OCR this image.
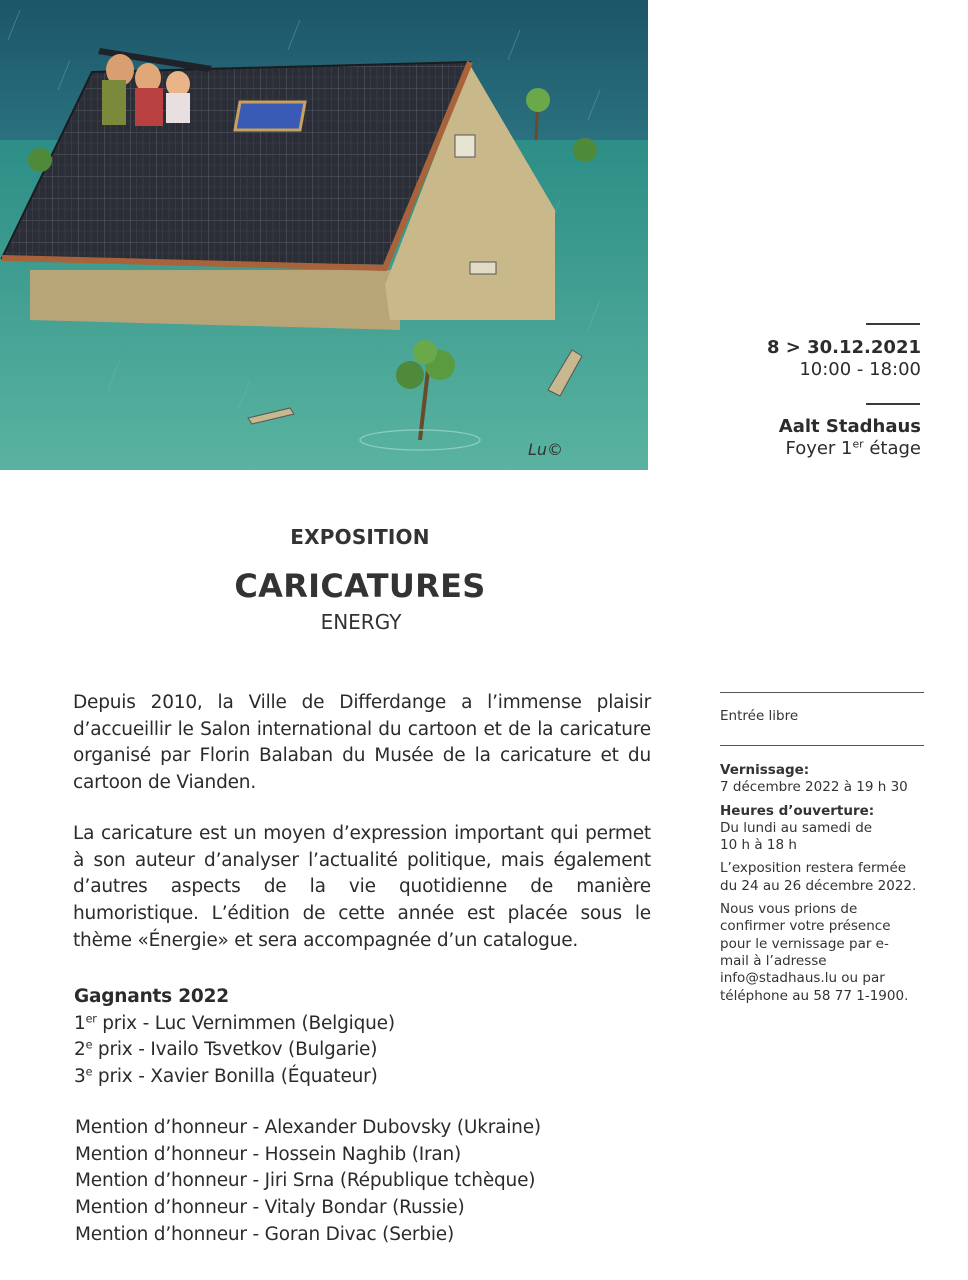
Lu©
8 > 30.12.2021
10:00 - 18:00
Aalt Stadhaus
Foyer 1er étage
EXPOSITION
CARICATURES
ENERGY
Depuis 2010, la Ville de Differdange a l’immense plaisir d’accueillir le Salon international du cartoon et de la caricature organisé par Florin Balaban du Musée de la caricature et du cartoon de Vianden.
La caricature est un moyen d’expression important qui permet à son auteur d’analyser l’actualité politique, mais également d’autres aspects de la vie quotidienne de manière humoristique. L’édition de cette année est placée sous le thème «Énergie» et sera accompagnée d’un catalogue.
Gagnants 2022
1er prix - Luc Vernimmen (Belgique)
2e prix - Ivailo Tsvetkov (Bulgarie)
3e prix - Xavier Bonilla (Équateur)
Mention d’honneur - Alexander Dubovsky (Ukraine)
Mention d’honneur - Hossein Naghib (Iran)
Mention d’honneur - Jiri Srna (République tchèque)
Mention d’honneur - Vitaly Bondar (Russie)
Mention d’honneur - Goran Divac (Serbie)
Entrée libre
Vernissage:
7 décembre 2022 à 19 h 30
Heures d’ouverture:
Du lundi au samedi de 10 h à 18 h
L’exposition restera fermée du 24 au 26 décembre 2022.
Nous vous prions de confirmer votre présence pour le vernissage par e-mail à l’adresse info@stadhaus.lu ou par téléphone au 58 77 1-1900.
